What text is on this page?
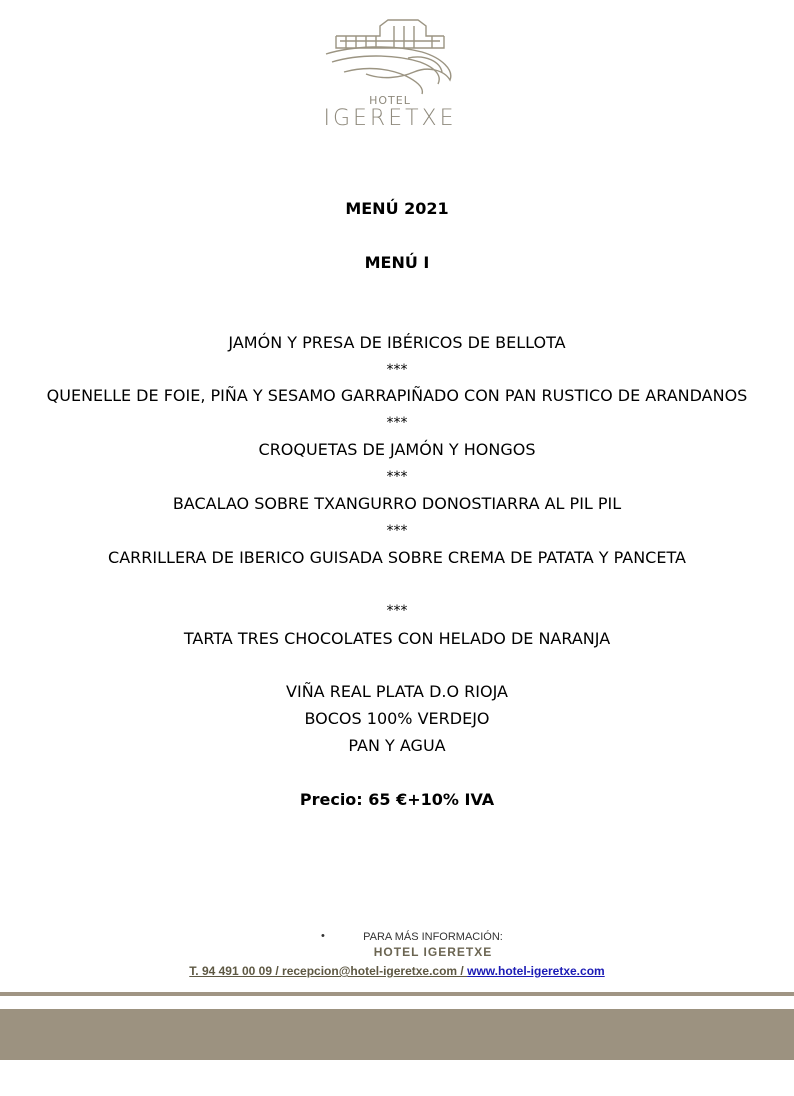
HOTEL
IGERETXE
MENÚ 2021
MENÚ I
JAMÓN Y PRESA DE IBÉRICOS DE BELLOTA
***
QUENELLE DE FOIE, PIÑA Y SESAMO GARRAPIÑADO CON PAN RUSTICO DE ARANDANOS
***
CROQUETAS DE JAMÓN Y HONGOS
***
BACALAO SOBRE TXANGURRO DONOSTIARRA AL PIL PIL
***
CARRILLERA DE IBERICO GUISADA SOBRE CREMA DE PATATA Y PANCETA
***
TARTA TRES CHOCOLATES CON HELADO DE NARANJA
VIÑA REAL PLATA D.O RIOJA
BOCOS 100% VERDEJO
PAN Y AGUA
Precio: 65 €+10% IVA
•	PARA MÁS INFORMACIÓN:
HOTEL IGERETXE
T. 94 491 00 09 / recepcion@hotel-igeretxe.com / www.hotel-igeretxe.com
